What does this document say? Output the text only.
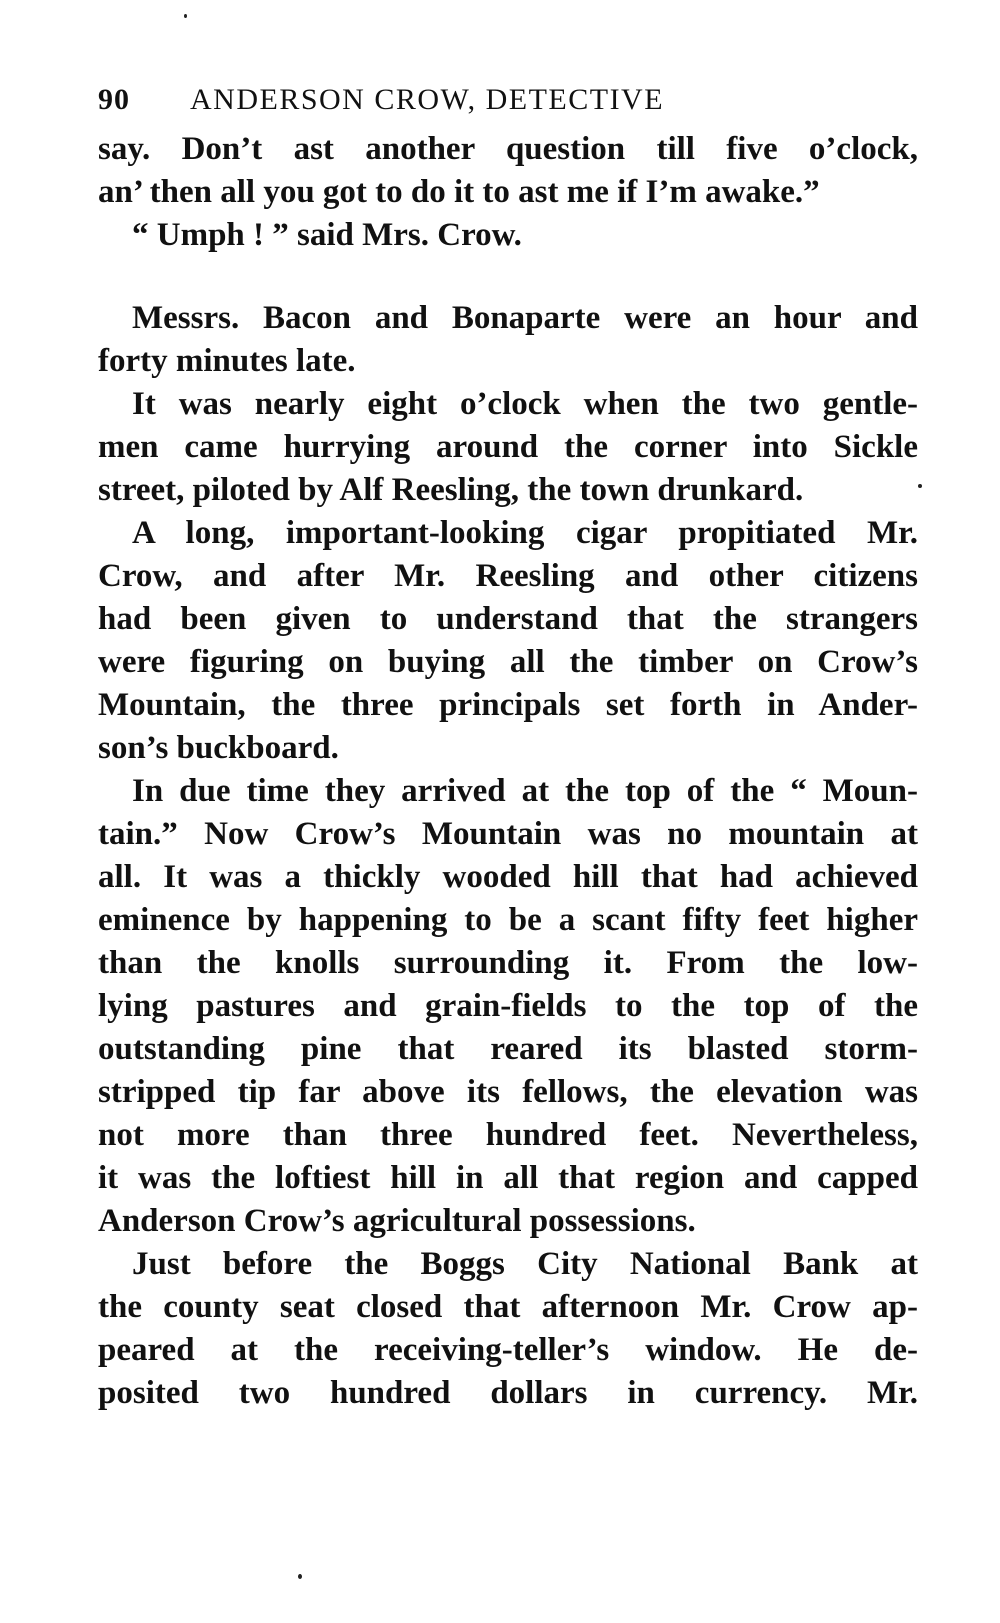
90 ANDERSON CROW, DETECTIVE
say. Don’t ast another question till five o’clock,
an’ then all you got to do it to ast me if I’m awake.”
“ Umph ! ” said Mrs. Crow.
Messrs. Bacon and Bonaparte were an hour and
forty minutes late.
It was nearly eight o’clock when the two gentle-
men came hurrying around the corner into Sickle
street, piloted by Alf Reesling, the town drunkard.
A long, important-looking cigar propitiated Mr.
Crow, and after Mr. Reesling and other citizens
had been given to understand that the strangers
were figuring on buying all the timber on Crow’s
Mountain, the three principals set forth in Ander-
son’s buckboard.
In due time they arrived at the top of the “ Moun-
tain.” Now Crow’s Mountain was no mountain at
all. It was a thickly wooded hill that had achieved
eminence by happening to be a scant fifty feet higher
than the knolls surrounding it. From the low-
lying pastures and grain-fields to the top of the
outstanding pine that reared its blasted storm-
stripped tip far above its fellows, the elevation was
not more than three hundred feet. Nevertheless,
it was the loftiest hill in all that region and capped
Anderson Crow’s agricultural possessions.
Just before the Boggs City National Bank at
the county seat closed that afternoon Mr. Crow ap-
peared at the receiving-teller’s window. He de-
posited two hundred dollars in currency. Mr.
